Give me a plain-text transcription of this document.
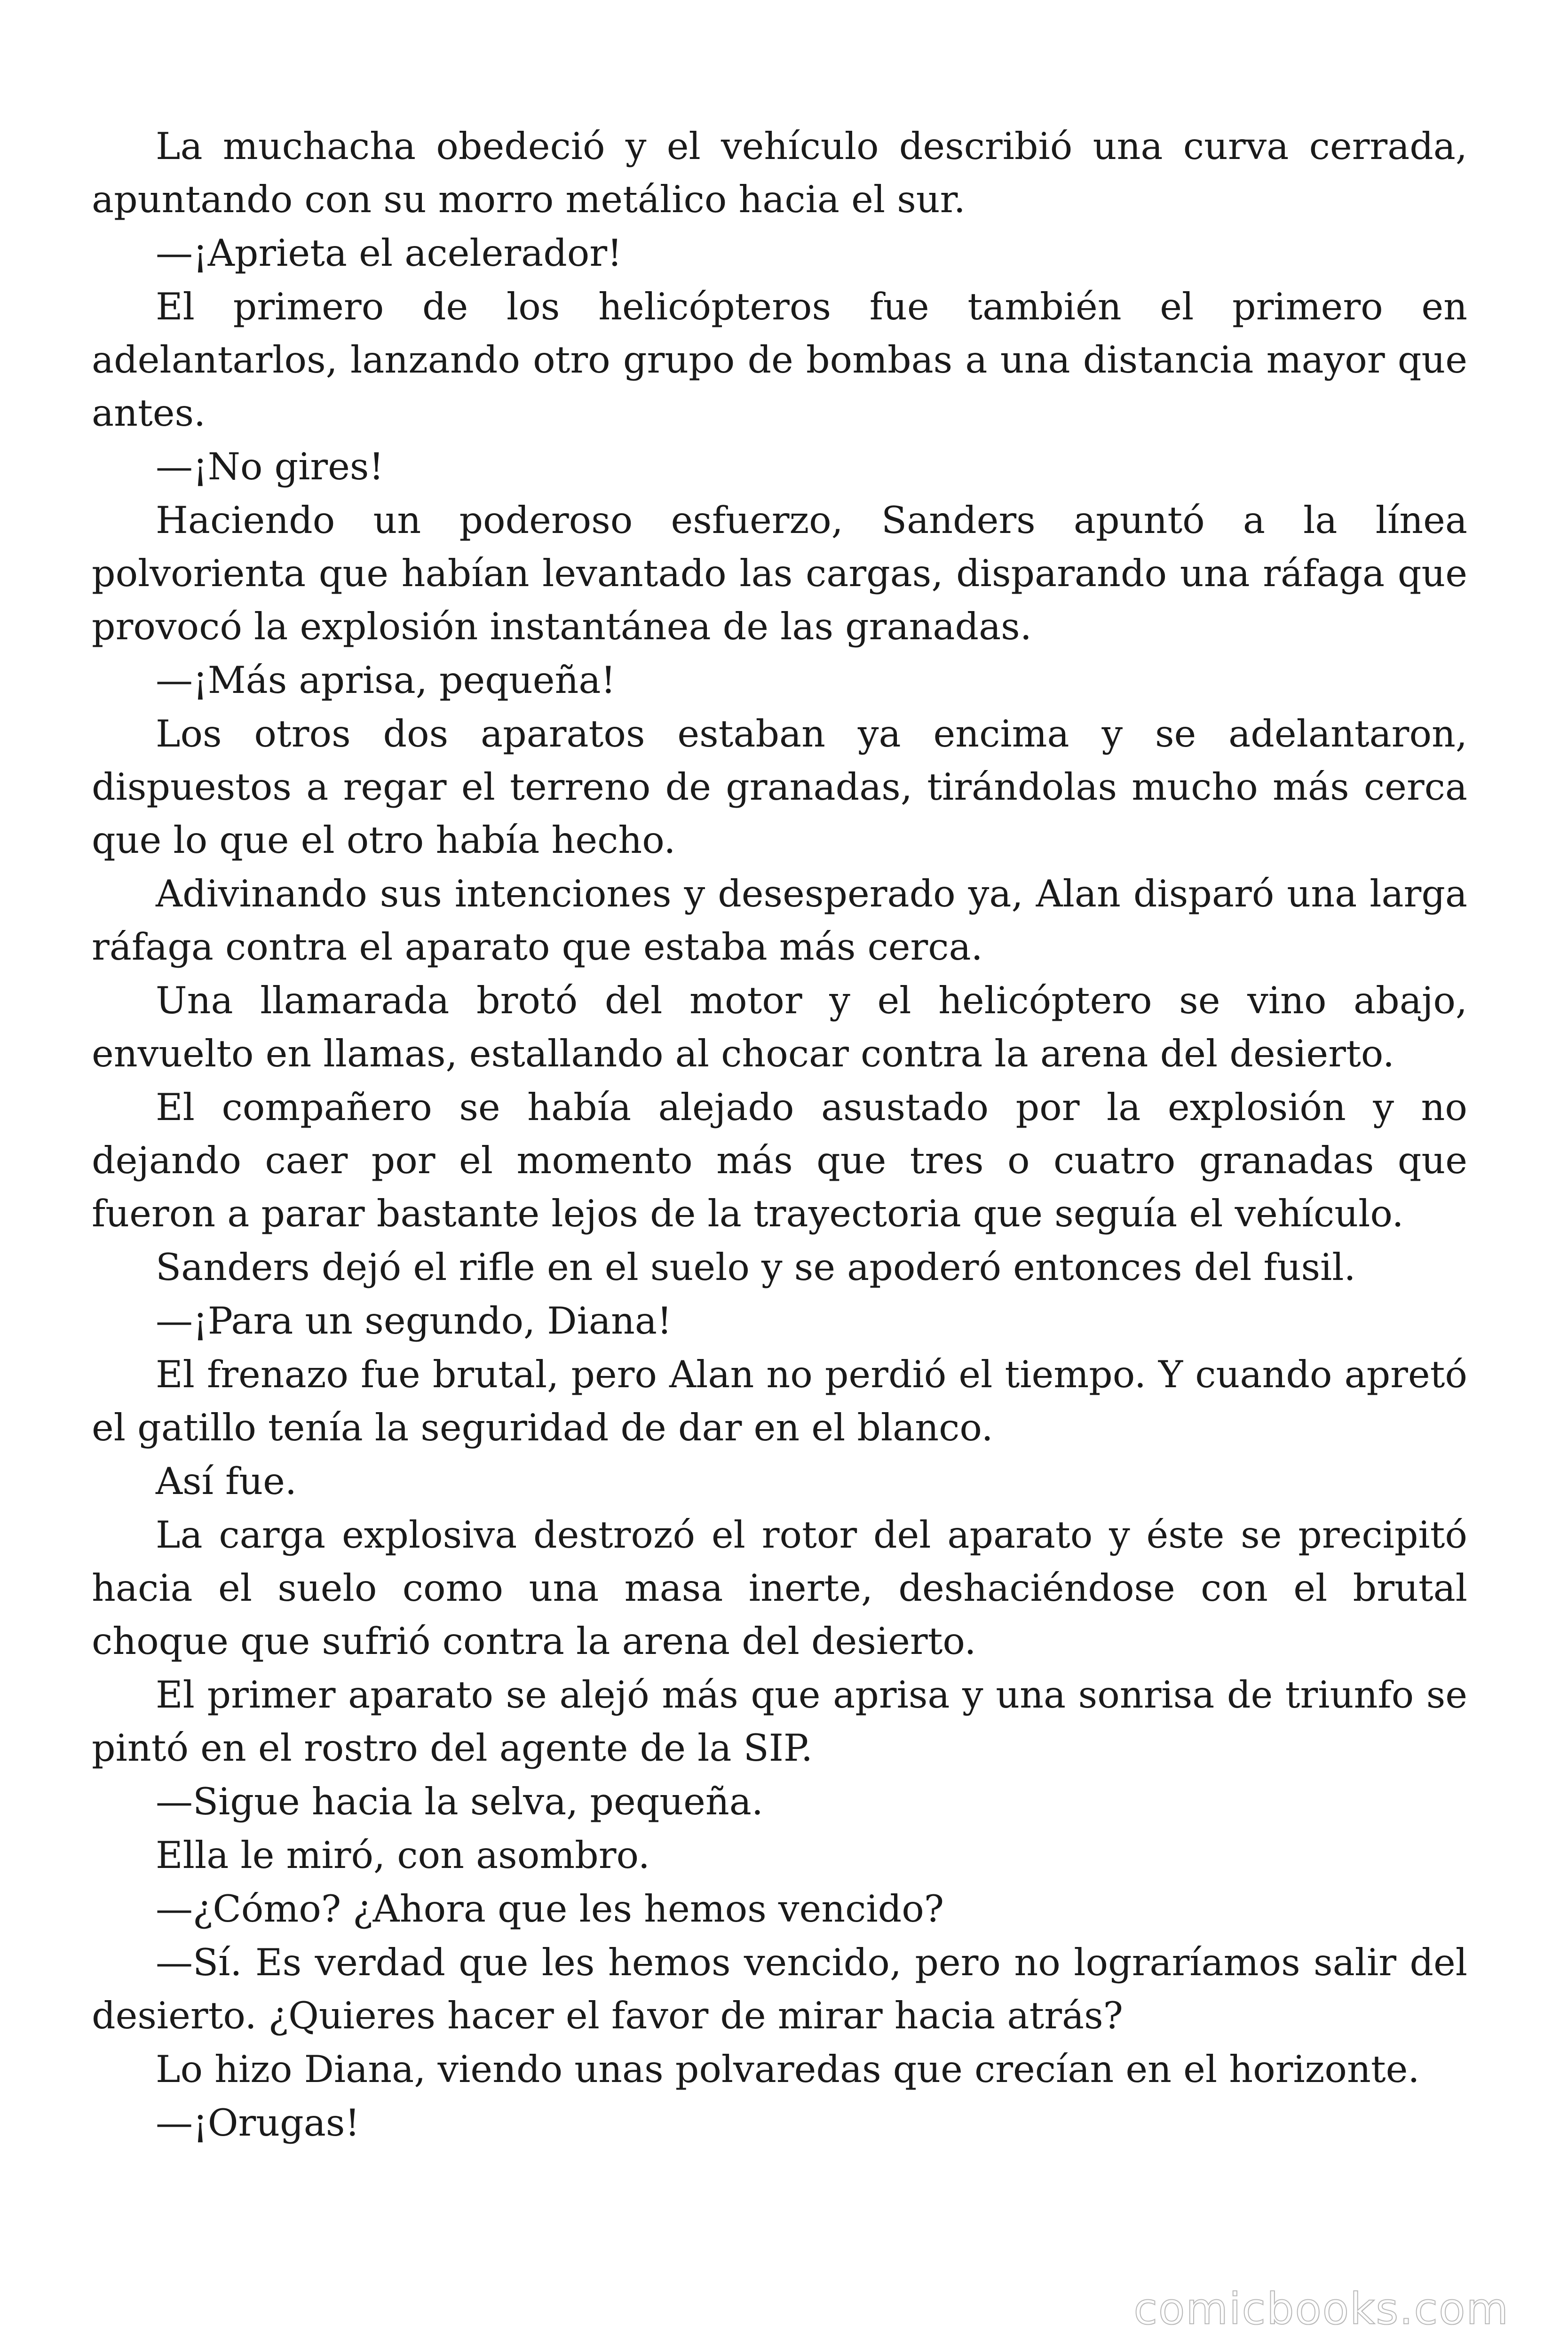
La muchacha obedeció y el vehículo describió una curva cerrada, apuntando con su morro metálico hacia el sur.

—¡Aprieta el acelerador!

El primero de los helicópteros fue también el primero en adelantarlos, lanzando otro grupo de bombas a una distancia mayor que antes.

—¡No gires!

Haciendo un poderoso esfuerzo, Sanders apuntó a la línea polvorienta que habían levantado las cargas, disparando una ráfaga que provocó la explosión instantánea de las granadas.

—¡Más aprisa, pequeña!

Los otros dos aparatos estaban ya encima y se adelantaron, dispuestos a regar el terreno de granadas, tirándolas mucho más cerca que lo que el otro había hecho.

Adivinando sus intenciones y desesperado ya, Alan disparó una larga ráfaga contra el aparato que estaba más cerca.

Una llamarada brotó del motor y el helicóptero se vino abajo, envuelto en llamas, estallando al chocar contra la arena del desierto.

El compañero se había alejado asustado por la explosión y no dejando caer por el momento más que tres o cuatro granadas que fueron a parar bastante lejos de la trayectoria que seguía el vehículo.

Sanders dejó el rifle en el suelo y se apoderó entonces del fusil.

—¡Para un segundo, Diana!

El frenazo fue brutal, pero Alan no perdió el tiempo. Y cuando apretó el gatillo tenía la seguridad de dar en el blanco.

Así fue.

La carga explosiva destrozó el rotor del aparato y éste se precipitó hacia el suelo como una masa inerte, deshaciéndose con el brutal choque que sufrió contra la arena del desierto.

El primer aparato se alejó más que aprisa y una sonrisa de triunfo se pintó en el rostro del agente de la SIP.

—Sigue hacia la selva, pequeña.

Ella le miró, con asombro.

—¿Cómo? ¿Ahora que les hemos vencido?

—Sí. Es verdad que les hemos vencido, pero no lograríamos salir del desierto. ¿Quieres hacer el favor de mirar hacia atrás?

Lo hizo Diana, viendo unas polvaredas que crecían en el horizonte.

—¡Orugas!

comicbooks.com
